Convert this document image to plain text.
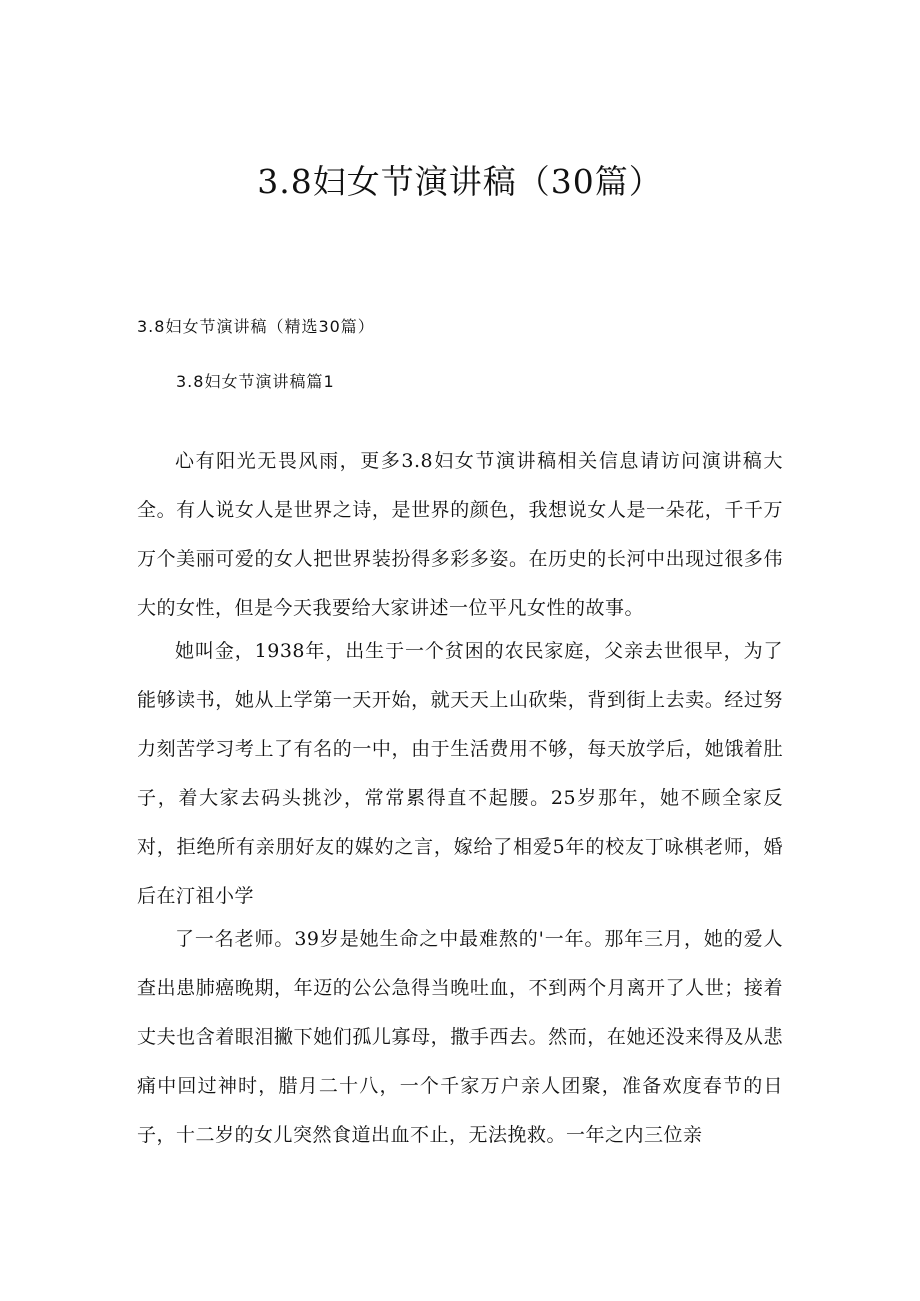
3.8妇女节演讲稿（30篇）

3.8妇女节演讲稿（精选30篇）

3.8妇女节演讲稿篇1

心有阳光无畏风雨，更多3.8妇女节演讲稿相关信息请访问演讲稿大全。有人说女人是世界之诗，是世界的颜色，我想说女人是一朵花，千千万万个美丽可爱的女人把世界装扮得多彩多姿。在历史的长河中出现过很多伟大的女性，但是今天我要给大家讲述一位平凡女性的故事。

她叫金，1938年，出生于一个贫困的农民家庭，父亲去世很早，为了能够读书，她从上学第一天开始，就天天上山砍柴，背到街上去卖。经过努力刻苦学习考上了有名的一中，由于生活费用不够，每天放学后，她饿着肚子，着大家去码头挑沙，常常累得直不起腰。25岁那年，她不顾全家反对，拒绝所有亲朋好友的媒妁之言，嫁给了相爱5年的校友丁咏棋老师，婚后在汀祖小学

了一名老师。39岁是她生命之中最难熬的'一年。那年三月，她的爱人查出患肺癌晚期，年迈的公公急得当晚吐血，不到两个月离开了人世；接着丈夫也含着眼泪撇下她们孤儿寡母，撒手西去。然而，在她还没来得及从悲痛中回过神时，腊月二十八，一个千家万户亲人团聚，准备欢度春节的日子，十二岁的女儿突然食道出血不止，无法挽救。一年之内三位亲
